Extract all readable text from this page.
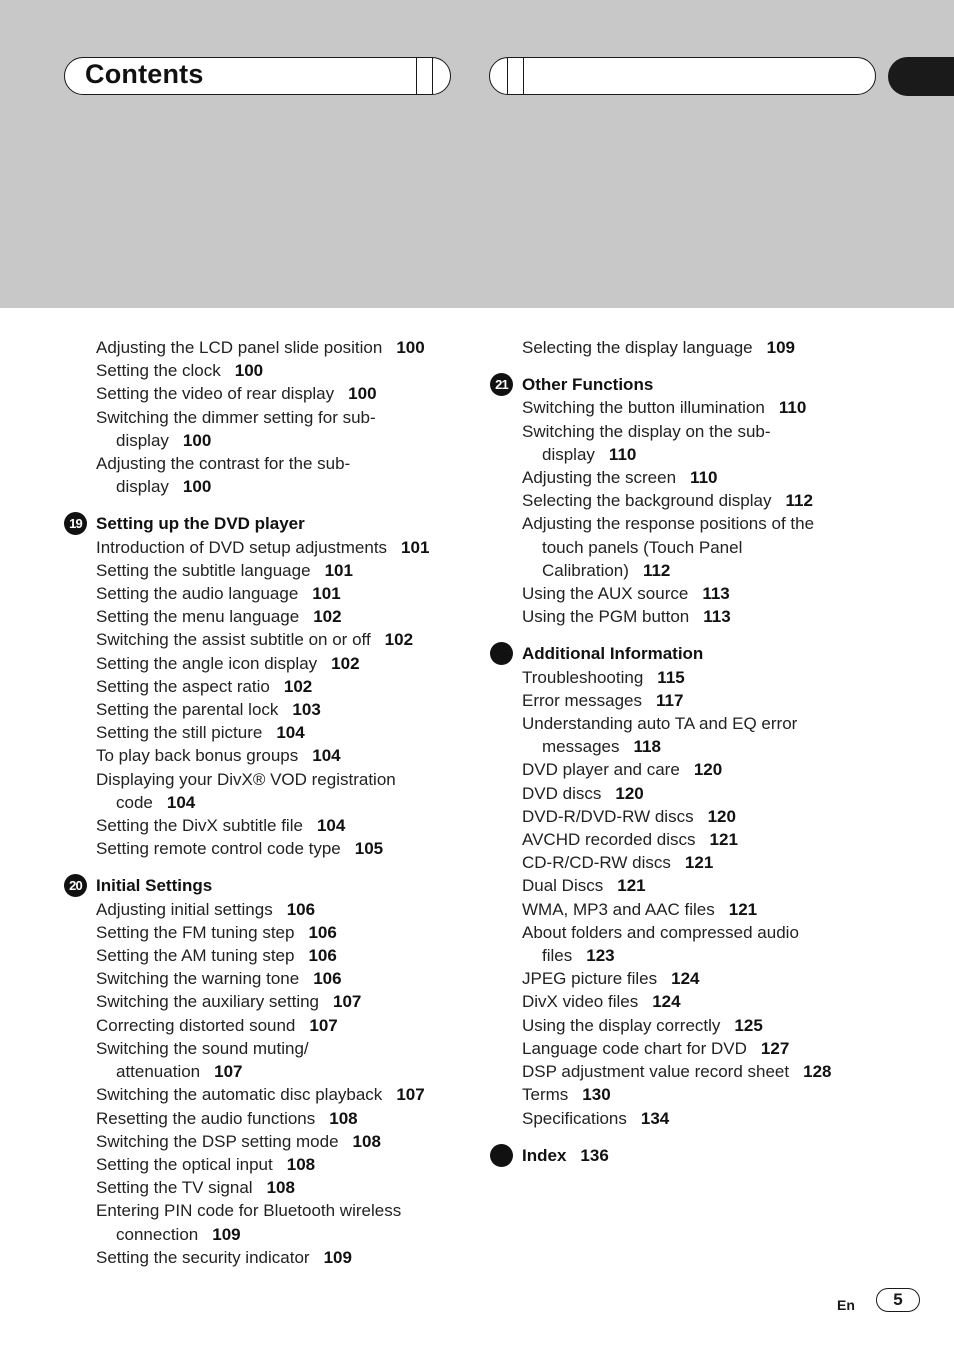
Contents
Adjusting the LCD panel slide position 100
Setting the clock 100
Setting the video of rear display 100
Switching the dimmer setting for sub-
display 100
Adjusting the contrast for the sub-
display 100
19 Setting up the DVD player
Introduction of DVD setup adjustments 101
Setting the subtitle language 101
Setting the audio language 101
Setting the menu language 102
Switching the assist subtitle on or off 102
Setting the angle icon display 102
Setting the aspect ratio 102
Setting the parental lock 103
Setting the still picture 104
To play back bonus groups 104
Displaying your DivX® VOD registration
code 104
Setting the DivX subtitle file 104
Setting remote control code type 105
20 Initial Settings
Adjusting initial settings 106
Setting the FM tuning step 106
Setting the AM tuning step 106
Switching the warning tone 106
Switching the auxiliary setting 107
Correcting distorted sound 107
Switching the sound muting/
attenuation 107
Switching the automatic disc playback 107
Resetting the audio functions 108
Switching the DSP setting mode 108
Setting the optical input 108
Setting the TV signal 108
Entering PIN code for Bluetooth wireless
connection 109
Setting the security indicator 109
Selecting the display language 109
21 Other Functions
Switching the button illumination 110
Switching the display on the sub-
display 110
Adjusting the screen 110
Selecting the background display 112
Adjusting the response positions of the
touch panels (Touch Panel
Calibration) 112
Using the AUX source 113
Using the PGM button 113
Additional Information
Troubleshooting 115
Error messages 117
Understanding auto TA and EQ error
messages 118
DVD player and care 120
DVD discs 120
DVD-R/DVD-RW discs 120
AVCHD recorded discs 121
CD-R/CD-RW discs 121
Dual Discs 121
WMA, MP3 and AAC files 121
About folders and compressed audio
files 123
JPEG picture files 124
DivX video files 124
Using the display correctly 125
Language code chart for DVD 127
DSP adjustment value record sheet 128
Terms 130
Specifications 134
Index 136
En	5
